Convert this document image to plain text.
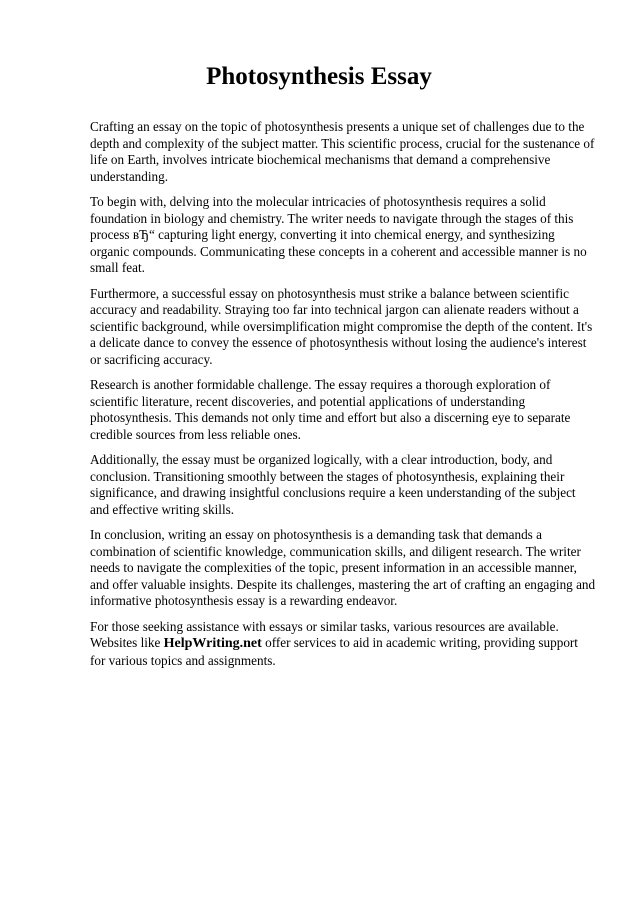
Photosynthesis Essay

Crafting an essay on the topic of photosynthesis presents a unique set of challenges due to the depth and complexity of the subject matter. This scientific process, crucial for the sustenance of life on Earth, involves intricate biochemical mechanisms that demand a comprehensive understanding.

To begin with, delving into the molecular intricacies of photosynthesis requires a solid foundation in biology and chemistry. The writer needs to navigate through the stages of this process вЂ“ capturing light energy, converting it into chemical energy, and synthesizing organic compounds. Communicating these concepts in a coherent and accessible manner is no small feat.

Furthermore, a successful essay on photosynthesis must strike a balance between scientific accuracy and readability. Straying too far into technical jargon can alienate readers without a scientific background, while oversimplification might compromise the depth of the content. It's a delicate dance to convey the essence of photosynthesis without losing the audience's interest or sacrificing accuracy.

Research is another formidable challenge. The essay requires a thorough exploration of scientific literature, recent discoveries, and potential applications of understanding photosynthesis. This demands not only time and effort but also a discerning eye to separate credible sources from less reliable ones.

Additionally, the essay must be organized logically, with a clear introduction, body, and conclusion. Transitioning smoothly between the stages of photosynthesis, explaining their significance, and drawing insightful conclusions require a keen understanding of the subject and effective writing skills.

In conclusion, writing an essay on photosynthesis is a demanding task that demands a combination of scientific knowledge, communication skills, and diligent research. The writer needs to navigate the complexities of the topic, present information in an accessible manner, and offer valuable insights. Despite its challenges, mastering the art of crafting an engaging and informative photosynthesis essay is a rewarding endeavor.

For those seeking assistance with essays or similar tasks, various resources are available. Websites like HelpWriting.net offer services to aid in academic writing, providing support for various topics and assignments.
